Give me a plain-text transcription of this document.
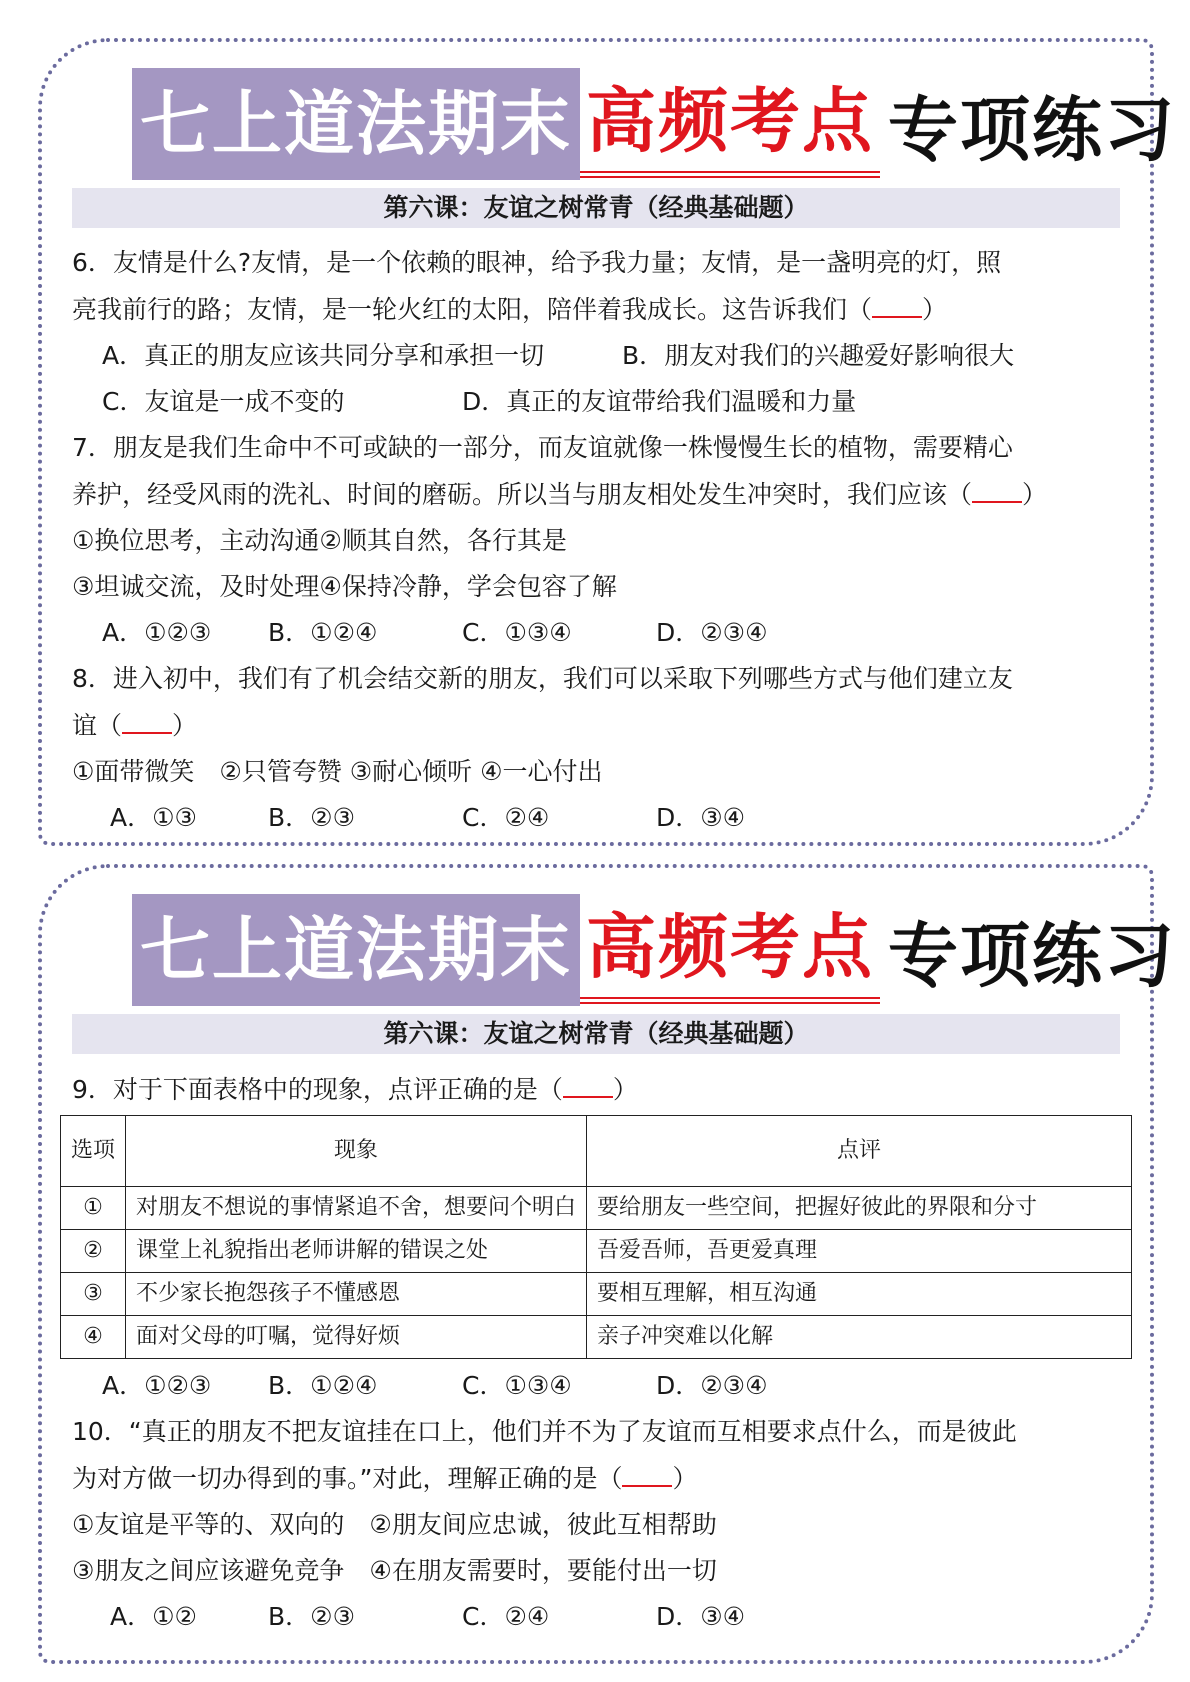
七上道法期末 高频考点 专项练习
第六课：友谊之树常青（经典基础题）
6．友情是什么?友情，是一个依赖的眼神，给予我力量；友情，是一盏明亮的灯，照
亮我前行的路；友情，是一轮火红的太阳，陪伴着我成长。这告诉我们（ ）
A．真正的朋友应该共同分享和承担一切	B．朋友对我们的兴趣爱好影响很大
C．友谊是一成不变的	D．真正的友谊带给我们温暖和力量
7．朋友是我们生命中不可或缺的一部分，而友谊就像一株慢慢生长的植物，需要精心
养护，经受风雨的洗礼、时间的磨砺。所以当与朋友相处发生冲突时，我们应该（ ）
①换位思考，主动沟通②顺其自然，各行其是
③坦诚交流，及时处理④保持冷静，学会包容了解
A．①②③	B．①②④	C．①③④	D．②③④
8．进入初中，我们有了机会结交新的朋友，我们可以采取下列哪些方式与他们建立友
谊（ ）
①面带微笑　②只管夸赞 ③耐心倾听 ④一心付出
A．①③	B．②③	C．②④	D．③④
七上道法期末 高频考点 专项练习
第六课：友谊之树常青（经典基础题）
9．对于下面表格中的现象，点评正确的是（ ）
选项	现象	点评
①	对朋友不想说的事情紧追不舍，想要问个明白	要给朋友一些空间，把握好彼此的界限和分寸
②	课堂上礼貌指出老师讲解的错误之处	吾爱吾师，吾更爱真理
③	不少家长抱怨孩子不懂感恩	要相互理解，相互沟通
④	面对父母的叮嘱，觉得好烦	亲子冲突难以化解
A．①②③	B．①②④	C．①③④	D．②③④
10．“真正的朋友不把友谊挂在口上，他们并不为了友谊而互相要求点什么，而是彼此
为对方做一切办得到的事。”对此，理解正确的是（ ）
①友谊是平等的、双向的　②朋友间应忠诚，彼此互相帮助
③朋友之间应该避免竞争　④在朋友需要时，要能付出一切
A．①②	B．②③	C．②④	D．③④
